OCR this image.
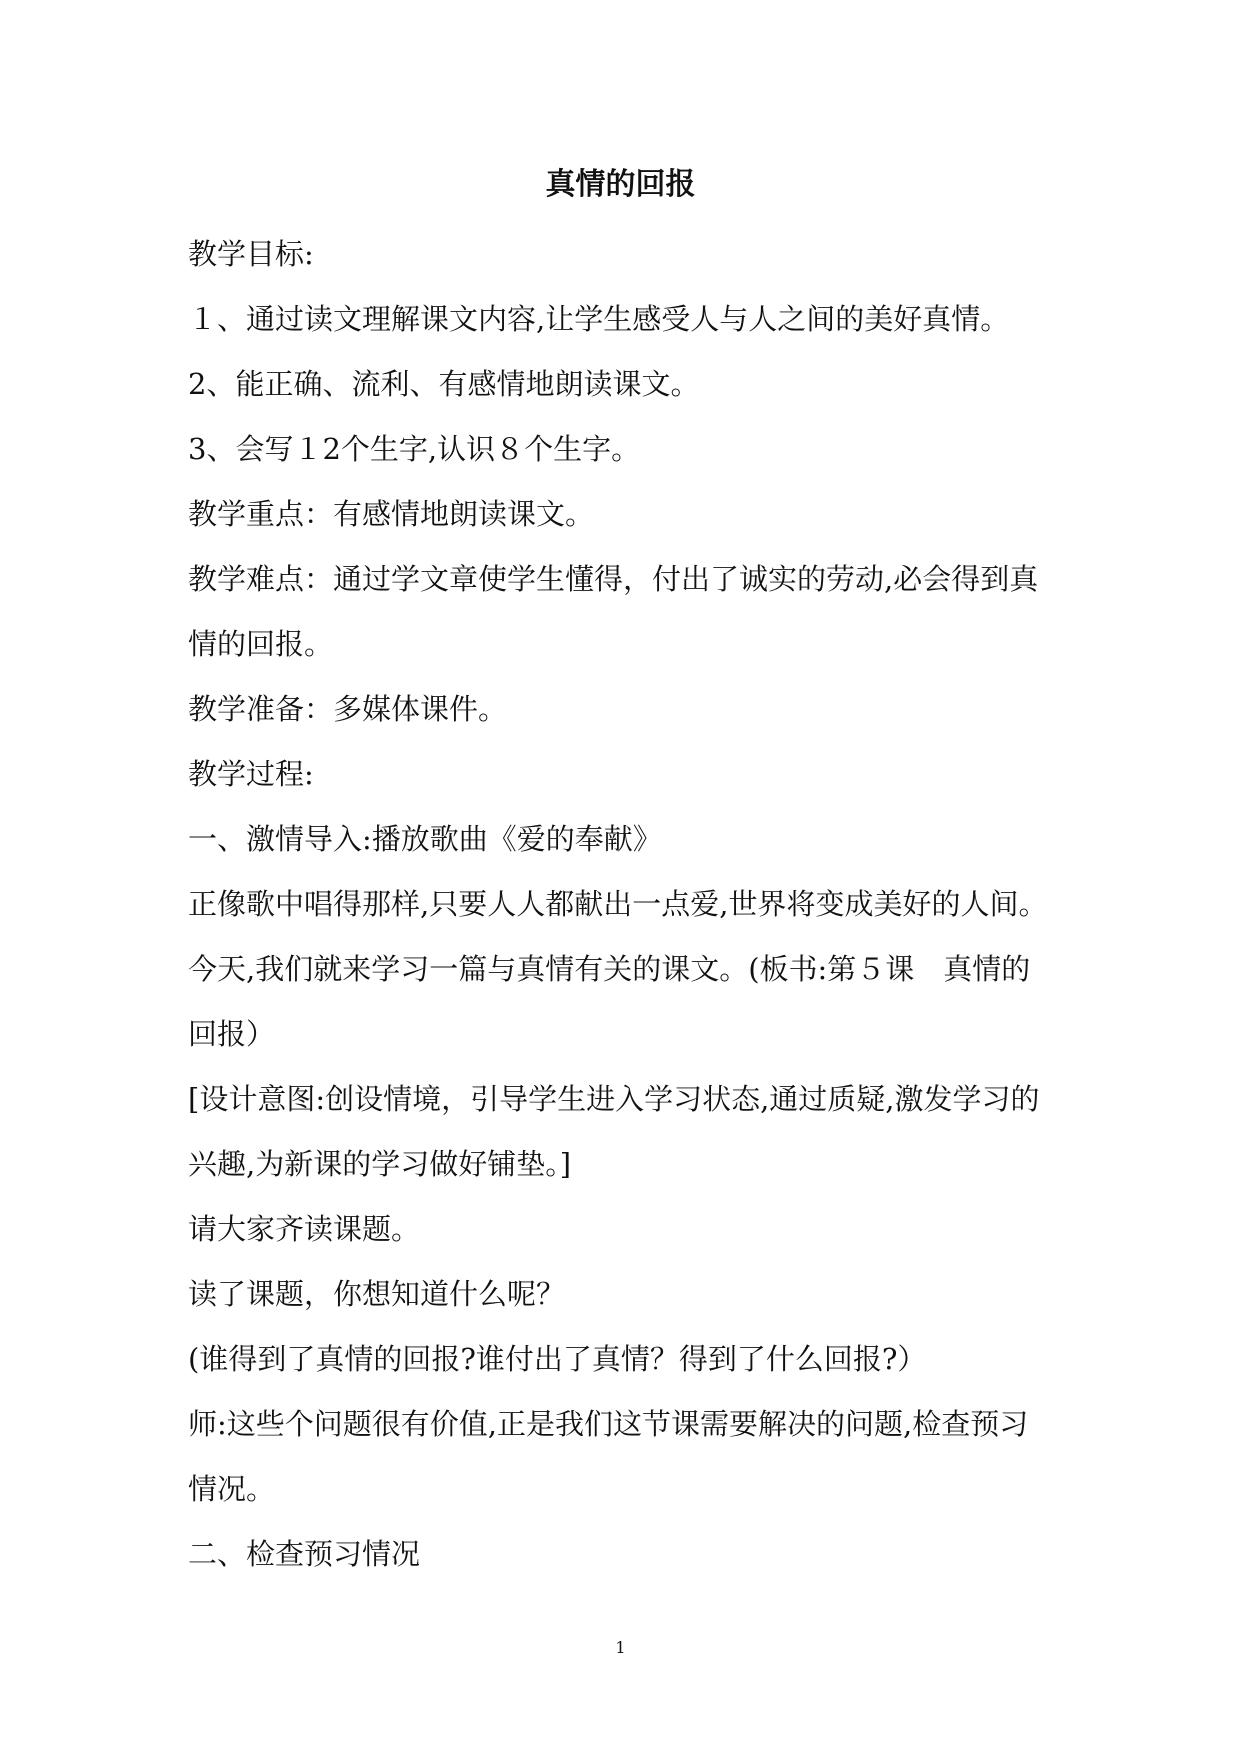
真情的回报

教学目标:

１、通过读文理解课文内容,让学生感受人与人之间的美好真情。

2、能正确、流利、有感情地朗读课文。

3、会写１2个生字,认识８个生字。

教学重点：有感情地朗读课文。

教学难点：通过学文章使学生懂得，付出了诚实的劳动,必会得到真

情的回报。

教学准备：多媒体课件。

教学过程:

一、激情导入:播放歌曲《爱的奉献》

正像歌中唱得那样,只要人人都献出一点爱,世界将变成美好的人间。

今天,我们就来学习一篇与真情有关的课文。(板书:第５课　真情的

回报）

[设计意图:创设情境，引导学生进入学习状态,通过质疑,激发学习的

兴趣,为新课的学习做好铺垫。]

请大家齐读课题。

读了课题，你想知道什么呢？

(谁得到了真情的回报?谁付出了真情？得到了什么回报?）

师:这些个问题很有价值,正是我们这节课需要解决的问题,检查预习

情况。

二、检查预习情况

1
